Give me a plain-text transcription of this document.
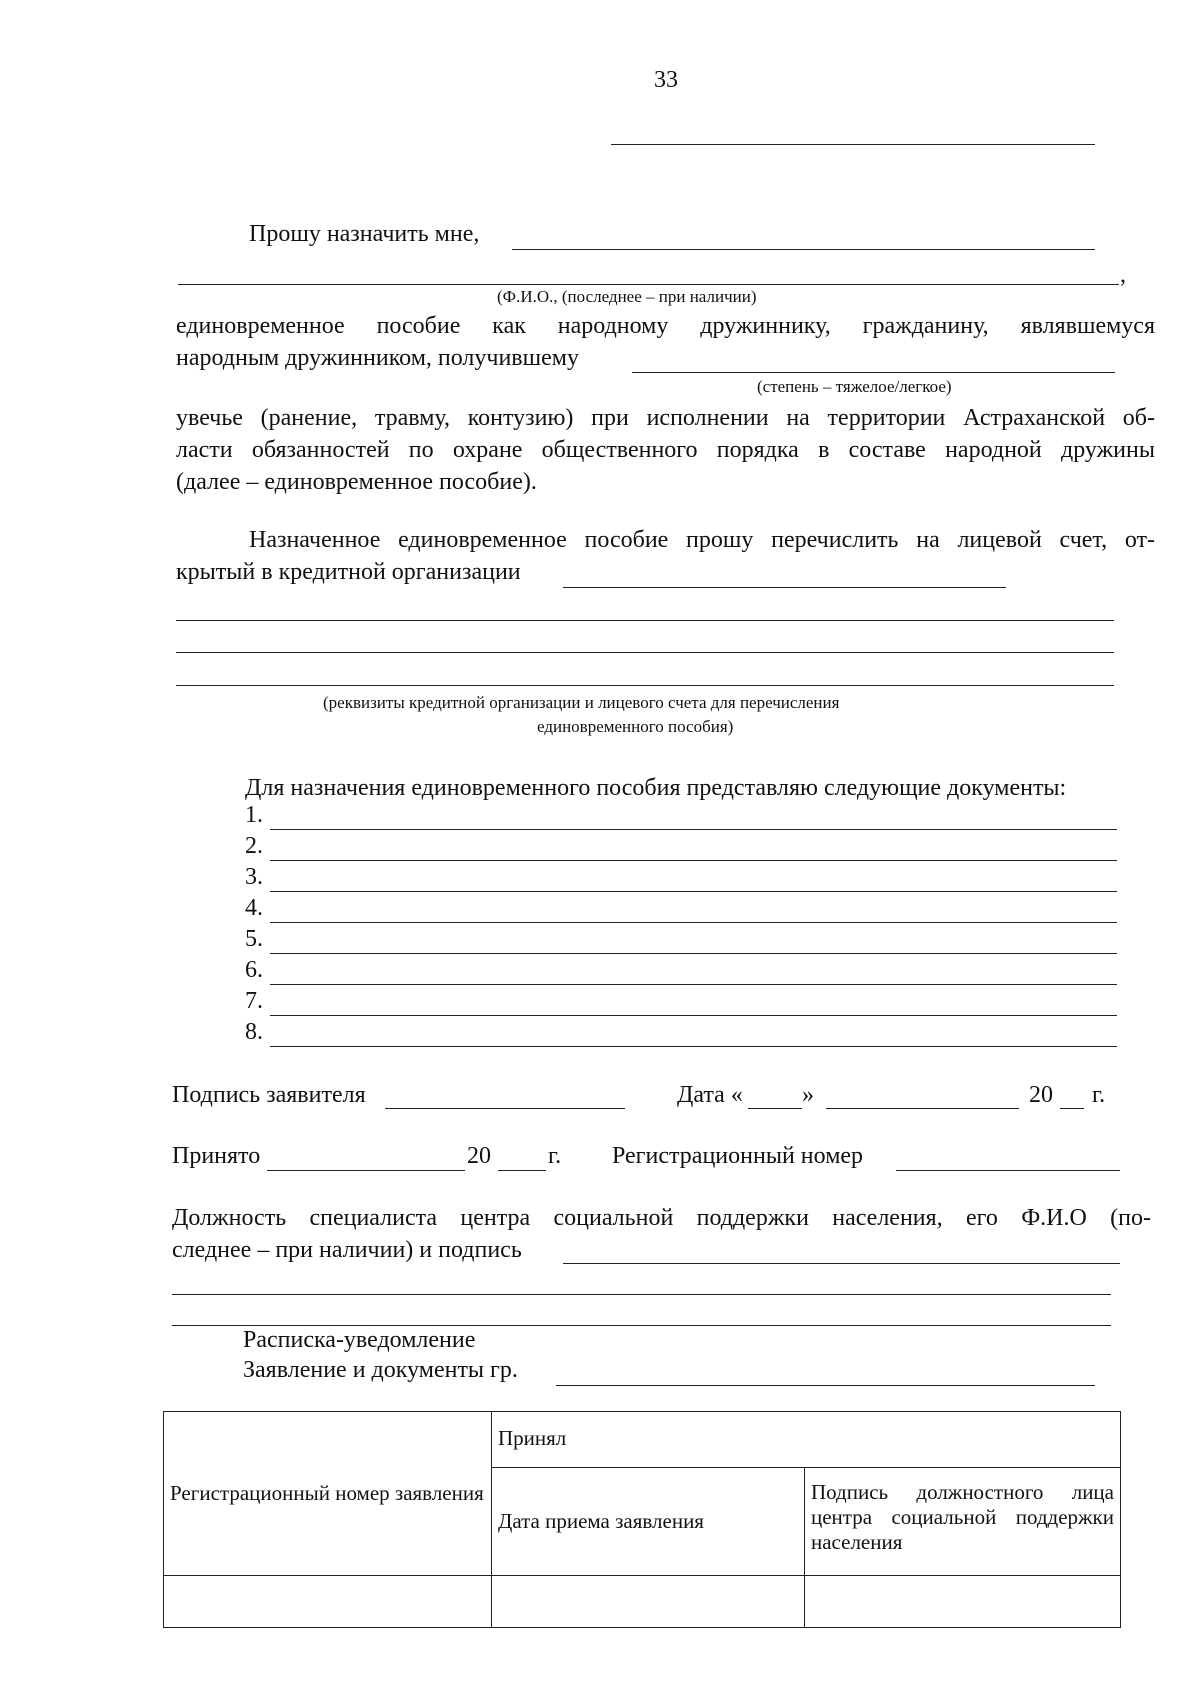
33
Прошу назначить мне,
,
(Ф.И.О., (последнее – при наличии)
единовременное пособие как народному дружиннику, гражданину, являвшемуся
народным дружинником, получившему
(степень – тяжелое/легкое)
увечье (ранение, травму, контузию) при исполнении на территории Астраханской об-
ласти обязанностей по охране общественного порядка в составе народной дружины
(далее – единовременное пособие).
Назначенное единовременное пособие прошу перечислить на лицевой счет, от-
крытый в кредитной организации
(реквизиты кредитной организации и лицевого счета для перечисления
единовременного пособия)
Для назначения единовременного пособия представляю следующие документы:
1.
2.
3.
4.
5.
6.
7.
8.
Подпись заявителя	Дата « »	20 г.
Принято	20 г. Регистрационный номер
Должность специалиста центра социальной поддержки населения, его Ф.И.О (по-
следнее – при наличии) и подпись
Расписка-уведомление
Заявление и документы гр.
Регистрационный номер заявления	Принял	
	Дата приема заявления	Подпись должностного лица центра социальной поддержки населения
